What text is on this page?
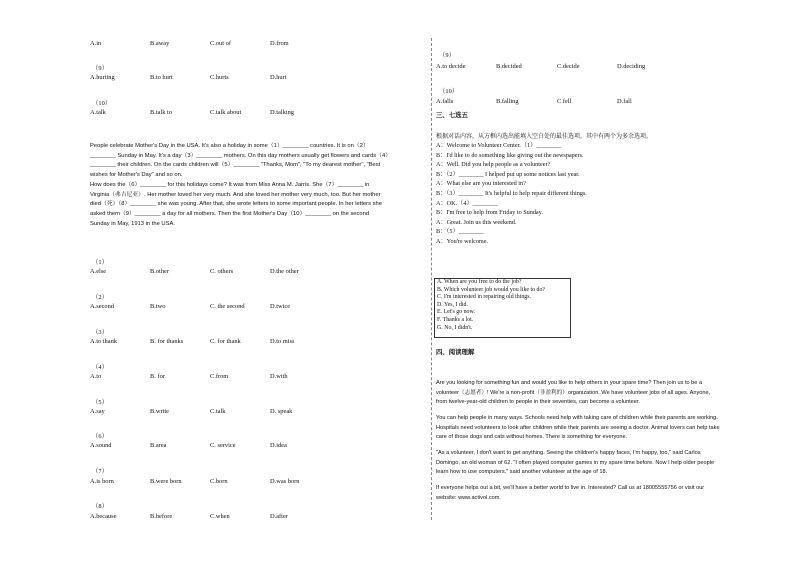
A.in	B.away	C.out of	D.from
（9）
A.hurting	B.to hurt	C.hurts	D.hurt
（10）
A.talk	B.talk to	C.talk about	D.talking
People celebrate Mother's Day in the USA. It's also a holiday in some（1）________ countries. It is on（2）
________ Sunday in May. It's a day（3）________ mothers. On this day mothers usually get flowers and cards（4）
________ their children. On the cards children will（5）________ "Thanks, Mom", "To my dearest mother", "Best
wishes for Mother's Day" and so on.
How does the（6）________ for this holidays come? It was from Miss Anna M. Jarris. She（7）________ in
Virginia（弗吉尼亚）. Her mother loved her very much. And she loved her mother very much, too. But her mother
died（死）（8）________ she was young. After that, she wrote letters to some important people. In her letters she
asked them（9）________ a day for all mothers. Then the first Mother's Day（10）________ on the second
Sunday in May, 1913 in the USA.
（1）
A.else	B.other	C. others	D.the other
（2）
A.second	B.two	C. the second	D.twice
（3）
A.to thank	B. for thanks	C. for thank	D.to miss
（4）
A.to	B. for	C.from	D.with
（5）
A.say	B.write	C.talk	D. speak
（6）
A.sound	B.area	C. service	D.idea
（7）
A.is born	B.were born	C.born	D.was born
（8）
A.because	B.before	C.when	D.after
（9）
A.to decide	B.decided	C.decide	D.deciding
（10）
A.falls	B.falling	C.fell	D.fall
三、七选五
根据对话内容，从方框内选出能填入空白处的最佳选项，其中有两个为多余选项。
A：Welcome to Volunteer Center.（1）________
B：I'd like to do something like giving out the newspapers.
A：Well. Did you help people as a volunteer?
B：（2）________ I helped put up some notices last year.
A：What else are you interested in?
B：（3）________ It's helpful to help repair different things.
A：OK.（4）________
B：I'm free to help from Friday to Sunday.
A：Great. Join us this weekend.
B：（5）________
A：You're welcome.
A. When are you free to do the job?
B. Which volunteer job would you like to do?
C. I'm interested in repairing old things.
D. Yes, I did.
E. Let's go now.
F. Thanks a lot.
G. No, I didn't.
四、阅读理解
Are you looking for something fun and would you like to help others in your spare time? Then join us to be a
volunteer（志愿者）! We're a non-profit（非盈利的）organization. We have volunteer jobs of all ages. Anyone,
from twelve-year-old children to people in their seventies, can become a volunteer.
You can help people in many ways. Schools need help with taking care of children while their parents are working.
Hospitals need volunteers to look after children while their parents are seeing a doctor. Animal lovers can help take
care of those dogs and cats without homes. There is something for everyone.
"As a volunteer, I don't want to get anything. Seeing the children's happy faces, I'm happy, too," said Carlos
Domingo, an old woman of 62. "I often played computer games in my spare time before. Now I help older people
learn how to use computers," said another volunteer at the age of 18.
If everyone helps out a bit, we'll have a better world to live in. Interested? Call us at 18005555756 or visit our
website: www.activol.com.
